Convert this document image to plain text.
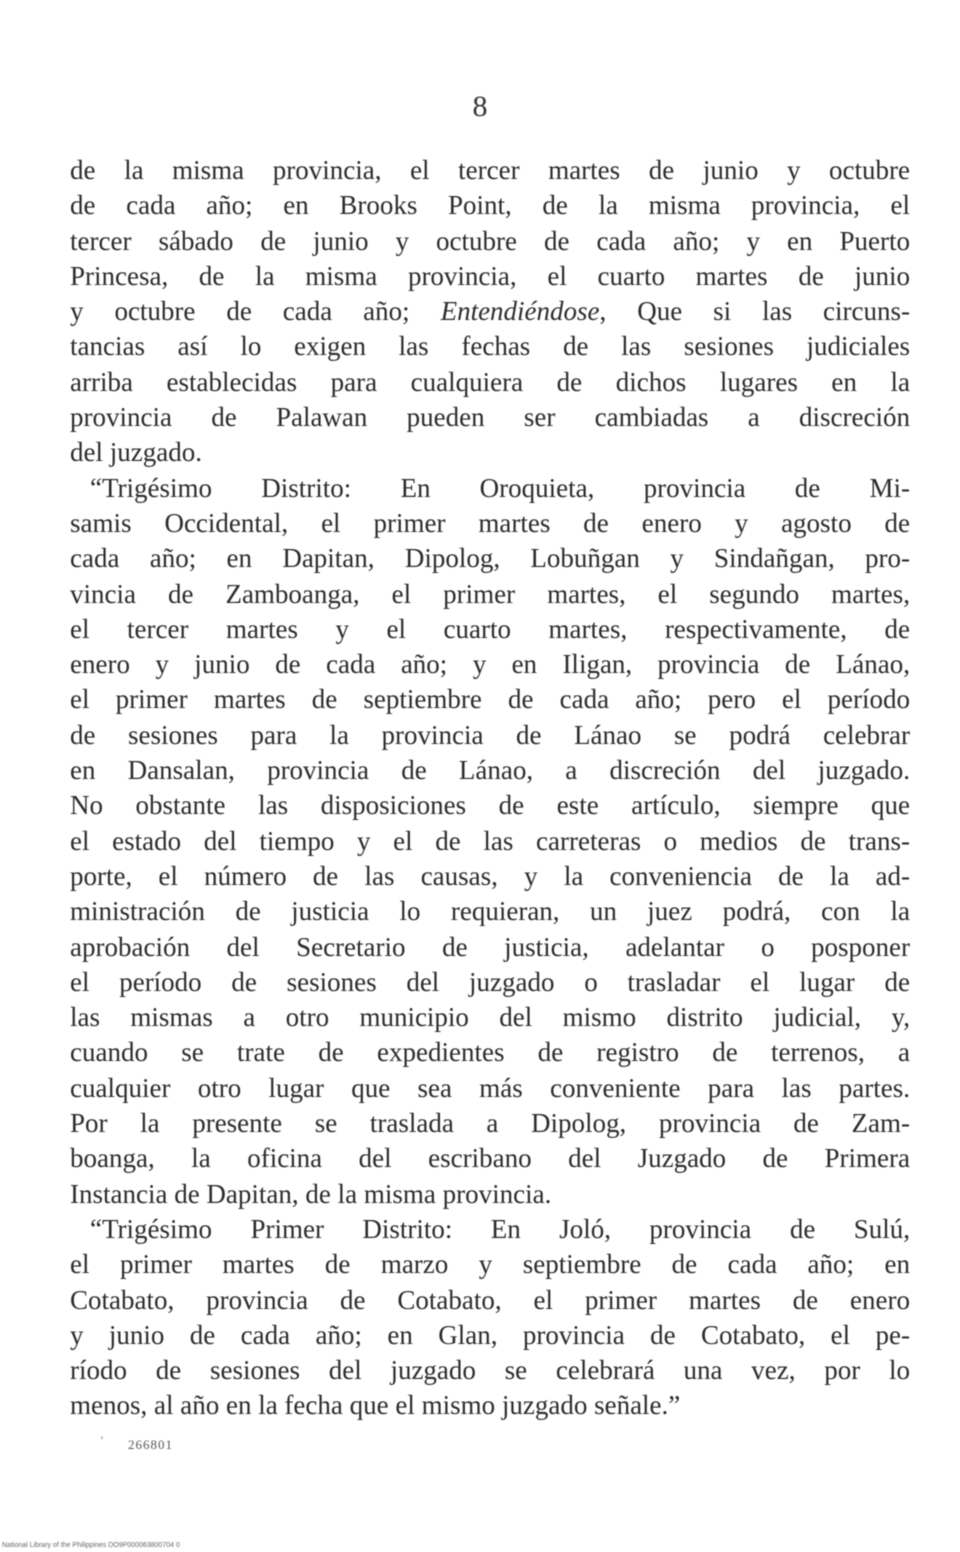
8
de la misma provincia, el tercer martes de junio y octubre
de cada año; en Brooks Point, de la misma provincia, el
tercer sábado de junio y octubre de cada año; y en Puerto
Princesa, de la misma provincia, el cuarto martes de junio
y octubre de cada año; Entendiéndose, Que si las circuns-
tancias así lo exigen las fechas de las sesiones judiciales
arriba establecidas para cualquiera de dichos lugares en la
provincia de Palawan pueden ser cambiadas a discreción
del juzgado.
“Trigésimo Distrito: En Oroquieta, provincia de Mi-
samis Occidental, el primer martes de enero y agosto de
cada año; en Dapitan, Dipolog, Lobuñgan y Sindañgan, pro-
vincia de Zamboanga, el primer martes, el segundo martes,
el tercer martes y el cuarto martes, respectivamente, de
enero y junio de cada año; y en Iligan, provincia de Lánao,
el primer martes de septiembre de cada año; pero el período
de sesiones para la provincia de Lánao se podrá celebrar
en Dansalan, provincia de Lánao, a discreción del juzgado.
No obstante las disposiciones de este artículo, siempre que
el estado del tiempo y el de las carreteras o medios de trans-
porte, el número de las causas, y la conveniencia de la ad-
ministración de justicia lo requieran, un juez podrá, con la
aprobación del Secretario de justicia, adelantar o posponer
el período de sesiones del juzgado o trasladar el lugar de
las mismas a otro municipio del mismo distrito judicial, y,
cuando se trate de expedientes de registro de terrenos, a
cualquier otro lugar que sea más conveniente para las partes.
Por la presente se traslada a Dipolog, provincia de Zam-
boanga, la oficina del escribano del Juzgado de Primera
Instancia de Dapitan, de la misma provincia.
“Trigésimo Primer Distrito: En Joló, provincia de Sulú,
el primer martes de marzo y septiembre de cada año; en
Cotabato, provincia de Cotabato, el primer martes de enero
y junio de cada año; en Glan, provincia de Cotabato, el pe-
ríodo de sesiones del juzgado se celebrará una vez, por lo
menos, al año en la fecha que el mismo juzgado señale.”
ʻ 266801
National Library of the Philippines DO9P000063800704 0
